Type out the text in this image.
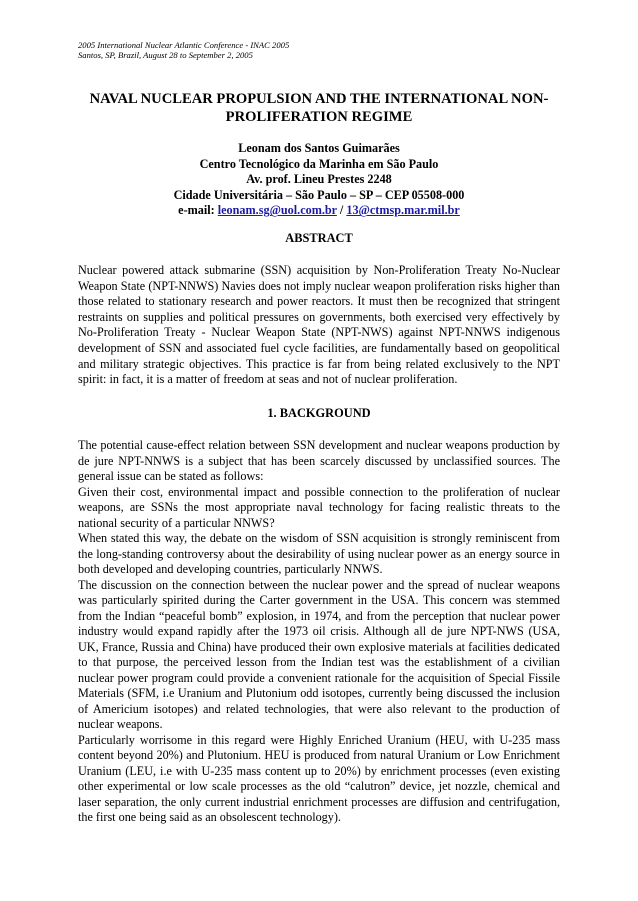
2005 International Nuclear Atlantic Conference - INAC 2005
Santos, SP, Brazil, August 28 to September 2, 2005
NAVAL NUCLEAR PROPULSION AND THE INTERNATIONAL NON-
PROLIFERATION REGIME
Leonam dos Santos Guimarães
Centro Tecnológico da Marinha em São Paulo
Av. prof. Lineu Prestes 2248
Cidade Universitária – São Paulo – SP – CEP 05508-000
e-mail: leonam.sg@uol.com.br / 13@ctmsp.mar.mil.br
ABSTRACT

Nuclear powered attack submarine (SSN) acquisition by Non-Proliferation Treaty No-Nuclear Weapon State (NPT-NNWS) Navies does not imply nuclear weapon proliferation risks higher than those related to stationary research and power reactors. It must then be recognized that stringent restraints on supplies and political pressures on governments, both exercised very effectively by No-Proliferation Treaty - Nuclear Weapon State (NPT-NWS) against NPT-NNWS indigenous development of SSN and associated fuel cycle facilities, are fundamentally based on geopolitical and military strategic objectives. This practice is far from being related exclusively to the NPT spirit: in fact, it is a matter of freedom at seas and not of nuclear proliferation.

1. BACKGROUND

The potential cause-effect relation between SSN development and nuclear weapons production by de jure NPT-NNWS is a subject that has been scarcely discussed by unclassified sources. The general issue can be stated as follows:

Given their cost, environmental impact and possible connection to the proliferation of nuclear weapons, are SSNs the most appropriate naval technology for facing realistic threats to the national security of a particular NNWS?

When stated this way, the debate on the wisdom of SSN acquisition is strongly reminiscent from the long-standing controversy about the desirability of using nuclear power as an energy source in both developed and developing countries, particularly NNWS.

The discussion on the connection between the nuclear power and the spread of nuclear weapons was particularly spirited during the Carter government in the USA. This concern was stemmed from the Indian “peaceful bomb” explosion, in 1974, and from the perception that nuclear power industry would expand rapidly after the 1973 oil crisis. Although all de jure NPT-NWS (USA, UK, France, Russia and China) have produced their own explosive materials at facilities dedicated to that purpose, the perceived lesson from the Indian test was the establishment of a civilian nuclear power program could provide a convenient rationale for the acquisition of Special Fissile Materials (SFM, i.e Uranium and Plutonium odd isotopes, currently being discussed the inclusion of Americium isotopes) and related technologies, that were also relevant to the production of nuclear weapons.

Particularly worrisome in this regard were Highly Enriched Uranium (HEU, with U-235 mass content beyond 20%) and Plutonium. HEU is produced from natural Uranium or Low Enrichment Uranium (LEU, i.e with U-235 mass content up to 20%) by enrichment processes (even existing other experimental or low scale processes as the old “calutron” device, jet nozzle, chemical and laser separation, the only current industrial enrichment processes are diffusion and centrifugation, the first one being said as an obsolescent technology).
